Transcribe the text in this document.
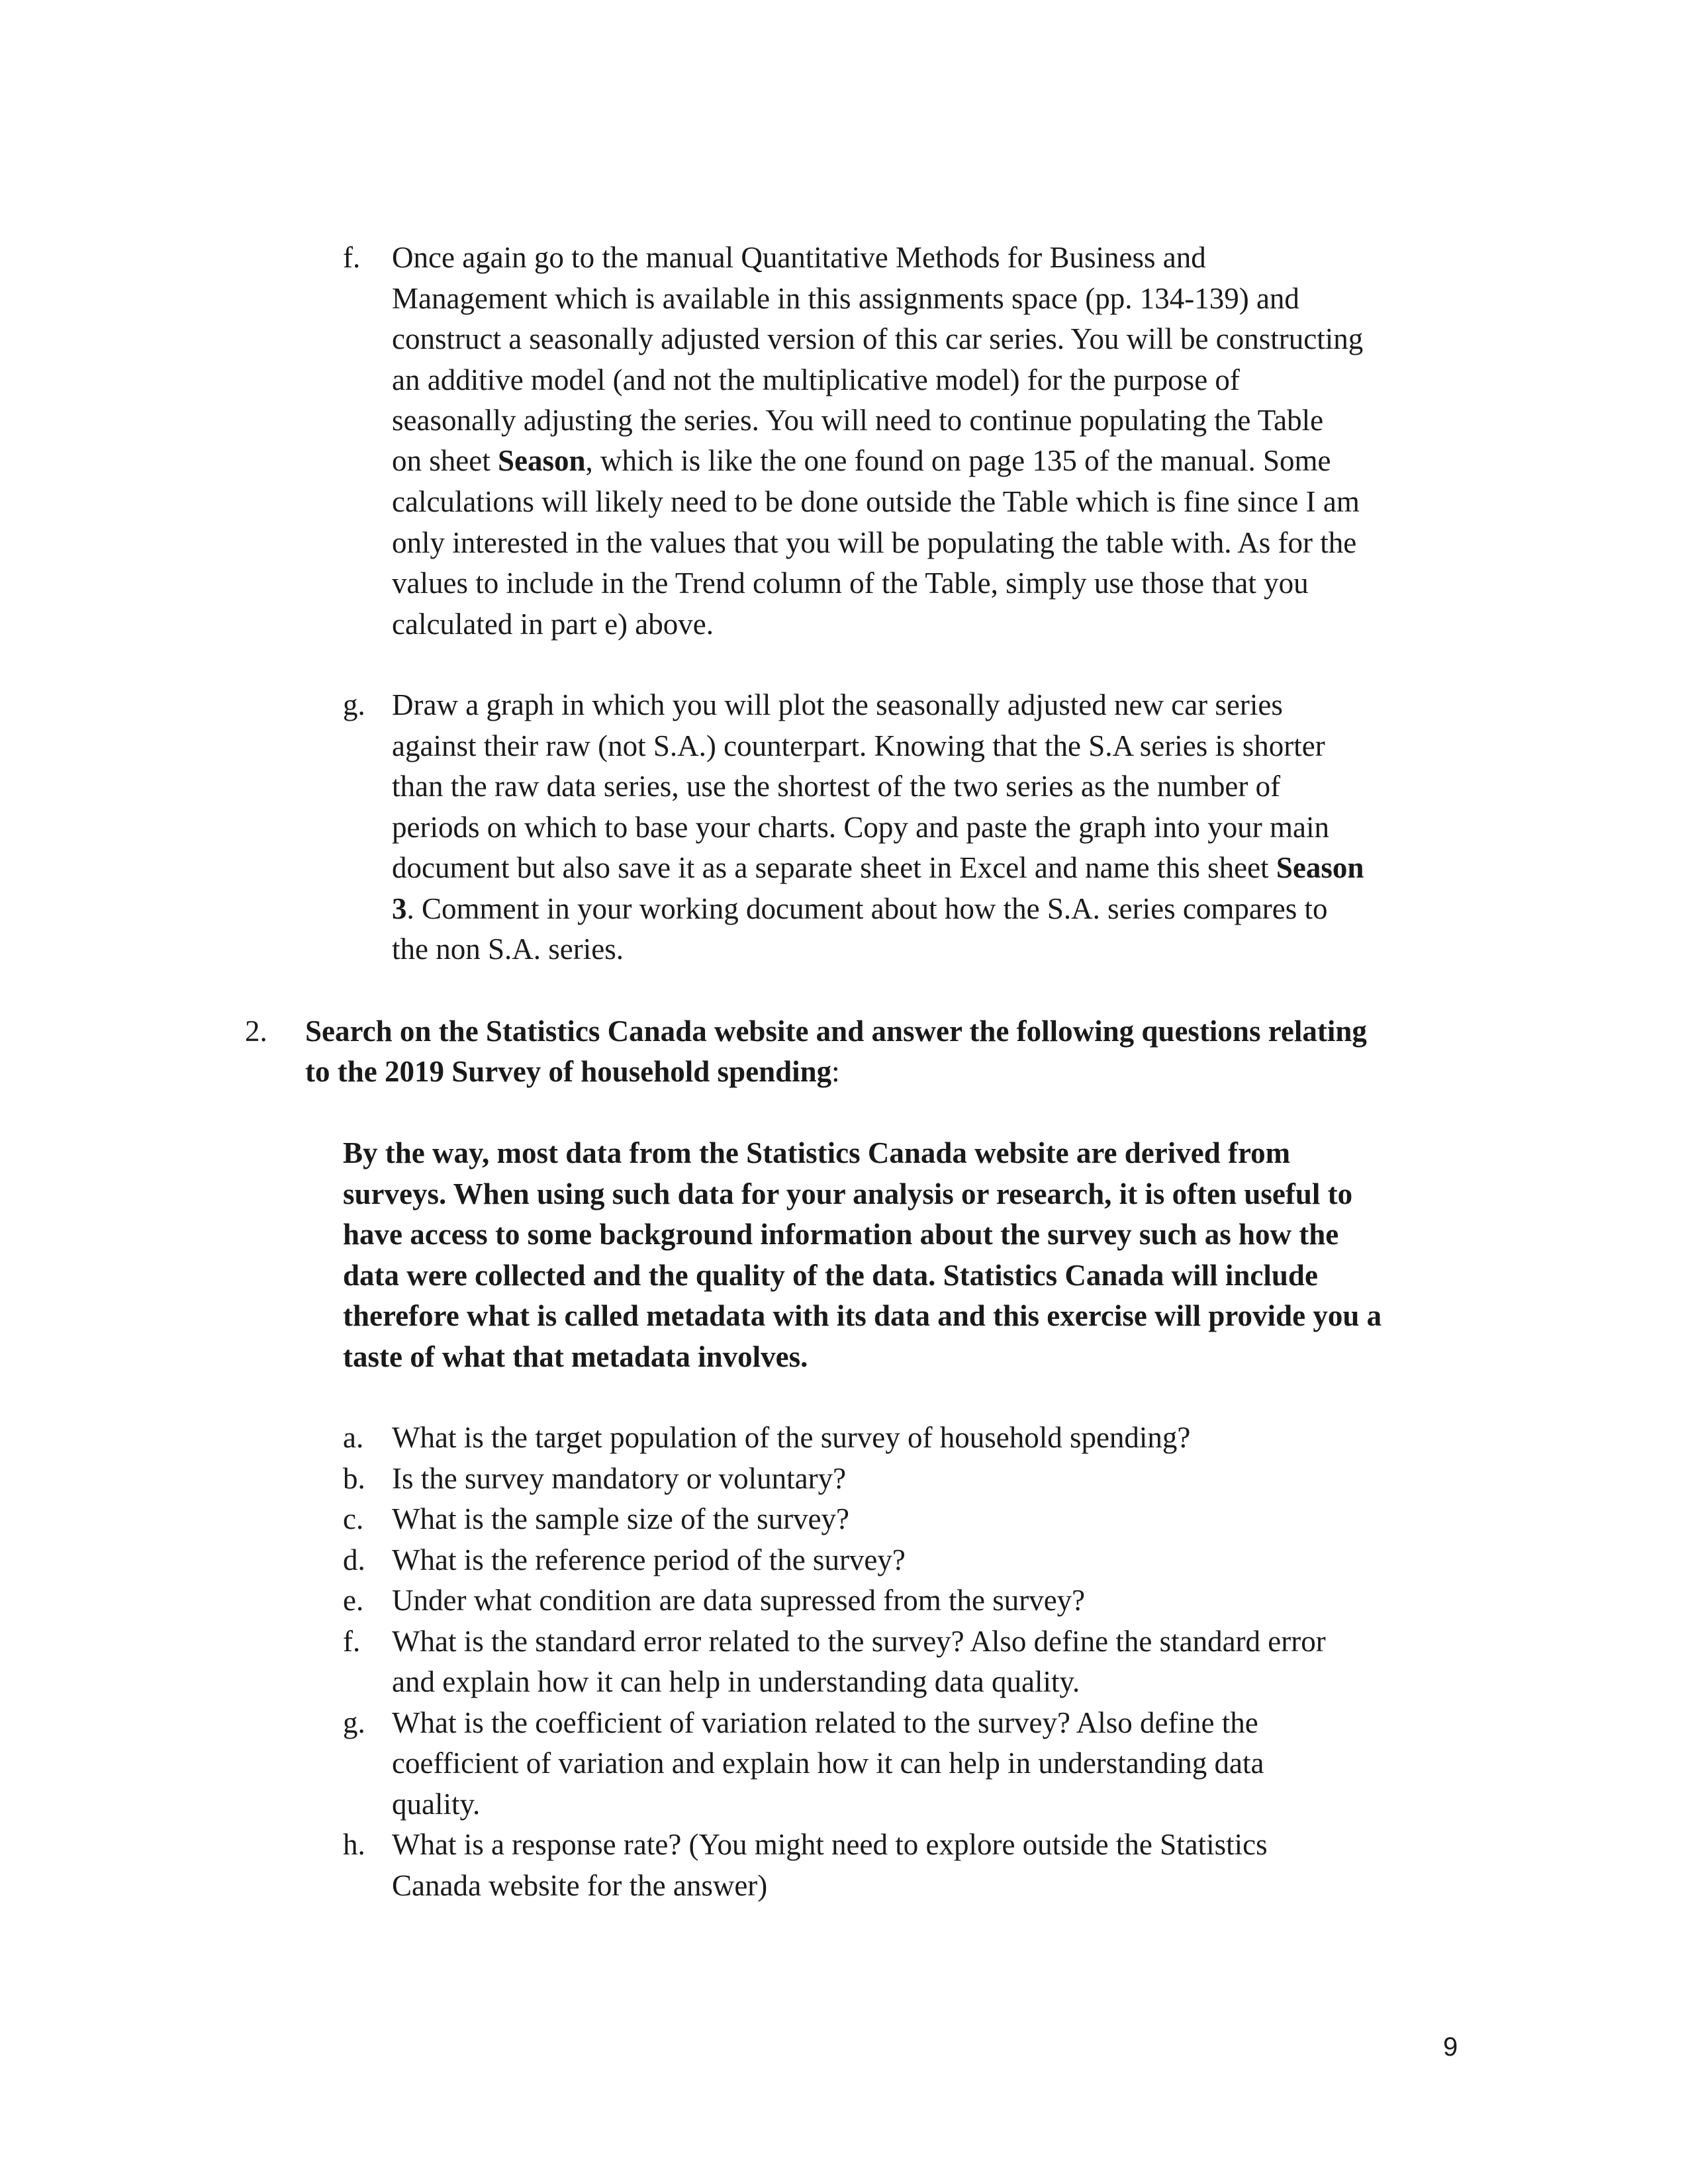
f. Once again go to the manual Quantitative Methods for Business and
Management which is available in this assignments space (pp. 134-139) and
construct a seasonally adjusted version of this car series. You will be constructing
an additive model (and not the multiplicative model) for the purpose of
seasonally adjusting the series. You will need to continue populating the Table
on sheet Season, which is like the one found on page 135 of the manual. Some
calculations will likely need to be done outside the Table which is fine since I am
only interested in the values that you will be populating the table with. As for the
values to include in the Trend column of the Table, simply use those that you
calculated in part e) above.
g. Draw a graph in which you will plot the seasonally adjusted new car series
against their raw (not S.A.) counterpart. Knowing that the S.A series is shorter
than the raw data series, use the shortest of the two series as the number of
periods on which to base your charts. Copy and paste the graph into your main
document but also save it as a separate sheet in Excel and name this sheet Season
3. Comment in your working document about how the S.A. series compares to
the non S.A. series.
2. Search on the Statistics Canada website and answer the following questions relating
to the 2019 Survey of household spending:
By the way, most data from the Statistics Canada website are derived from
surveys. When using such data for your analysis or research, it is often useful to
have access to some background information about the survey such as how the
data were collected and the quality of the data. Statistics Canada will include
therefore what is called metadata with its data and this exercise will provide you a
taste of what that metadata involves.
a. What is the target population of the survey of household spending?
b. Is the survey mandatory or voluntary?
c. What is the sample size of the survey?
d. What is the reference period of the survey?
e. Under what condition are data supressed from the survey?
f. What is the standard error related to the survey? Also define the standard error
and explain how it can help in understanding data quality.
g. What is the coefficient of variation related to the survey? Also define the
coefficient of variation and explain how it can help in understanding data
quality.
h. What is a response rate? (You might need to explore outside the Statistics
Canada website for the answer)
9
